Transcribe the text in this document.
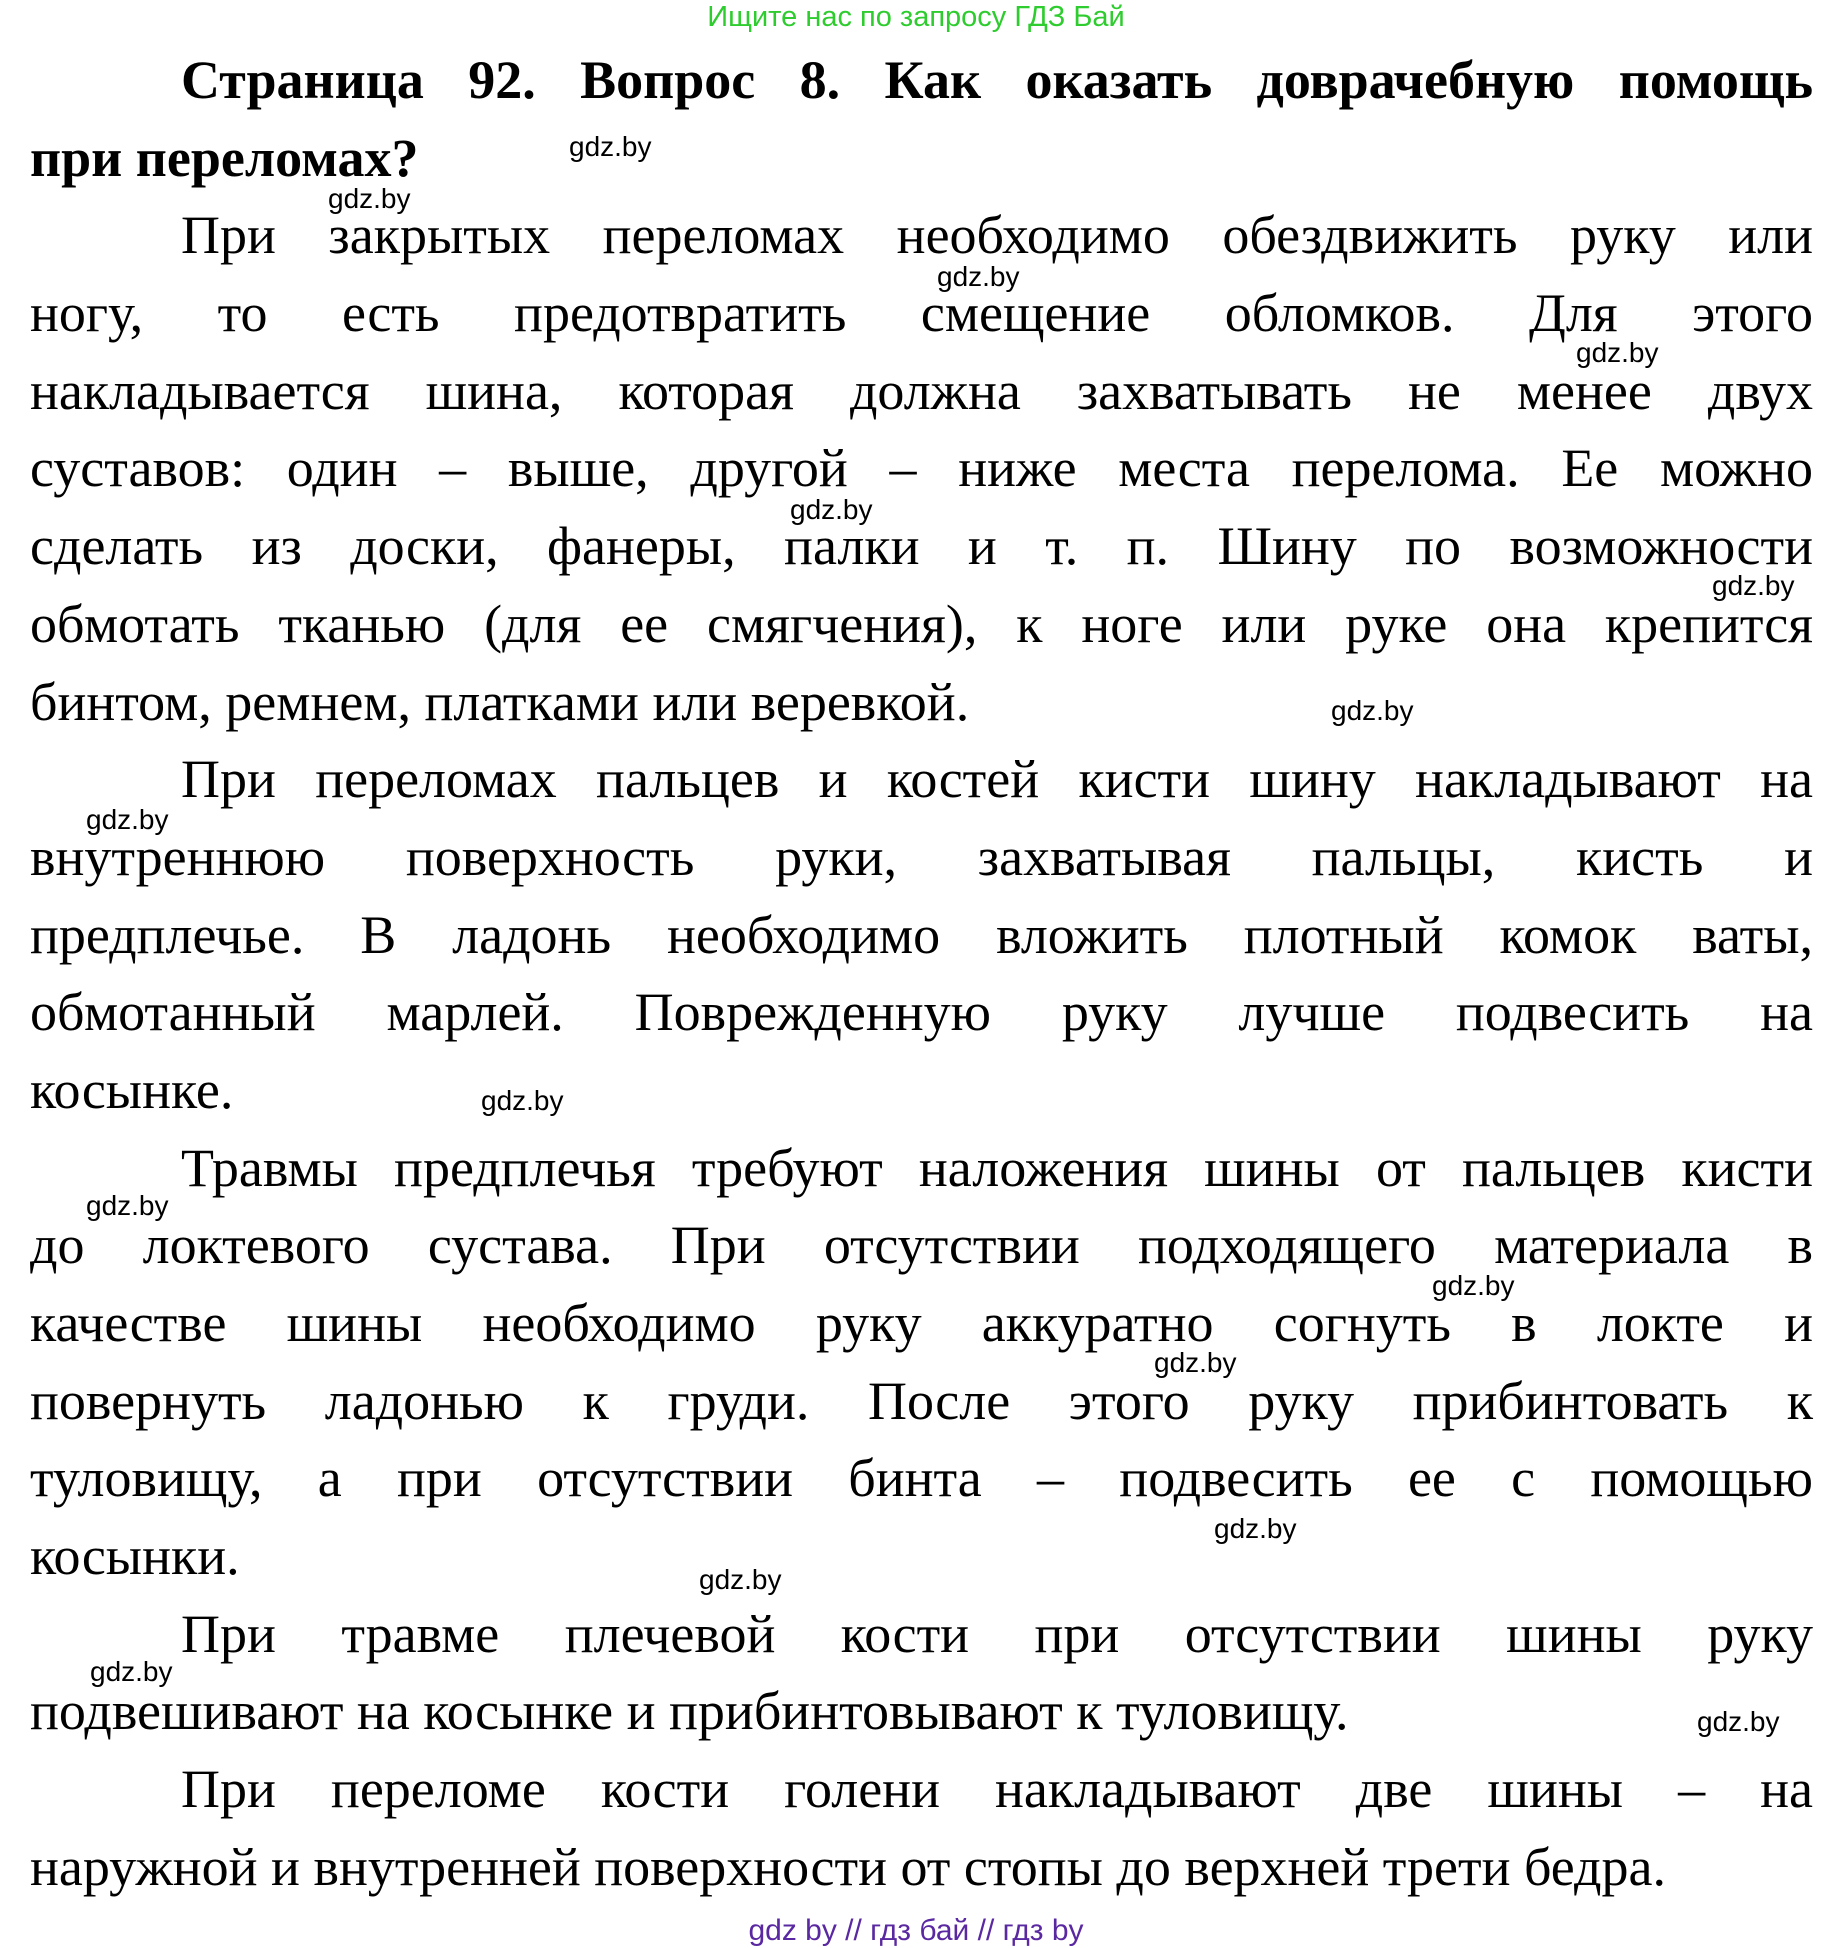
Ищите нас по запросу ГДЗ Бай
Страница 92. Вопрос 8. Как оказать доврачебную помощь
при переломах?
При закрытых переломах необходимо обездвижить руку или
ногу, то есть предотвратить смещение обломков. Для этого
накладывается шина, которая должна захватывать не менее двух
суставов: один – выше, другой – ниже места перелома. Ее можно
сделать из доски, фанеры, палки и т. п. Шину по возможности
обмотать тканью (для ее смягчения), к ноге или руке она крепится
бинтом, ремнем, платками или веревкой.
При переломах пальцев и костей кисти шину накладывают на
внутреннюю поверхность руки, захватывая пальцы, кисть и
предплечье. В ладонь необходимо вложить плотный комок ваты,
обмотанный марлей. Поврежденную руку лучше подвесить на
косынке.
Травмы предплечья требуют наложения шины от пальцев кисти
до локтевого сустава. При отсутствии подходящего материала в
качестве шины необходимо руку аккуратно согнуть в локте и
повернуть ладонью к груди. После этого руку прибинтовать к
туловищу, а при отсутствии бинта – подвесить ее с помощью
косынки.
При травме плечевой кости при отсутствии шины руку
подвешивают на косынке и прибинтовывают к туловищу.
При переломе кости голени накладывают две шины – на
наружной и внутренней поверхности от стопы до верхней трети бедра.
gdz.by
gdz.by
gdz.by
gdz.by
gdz.by
gdz.by
gdz.by
gdz.by
gdz.by
gdz.by
gdz.by
gdz.by
gdz.by
gdz.by
gdz.by
gdz.by
gdz by // гдз бай // гдз by
